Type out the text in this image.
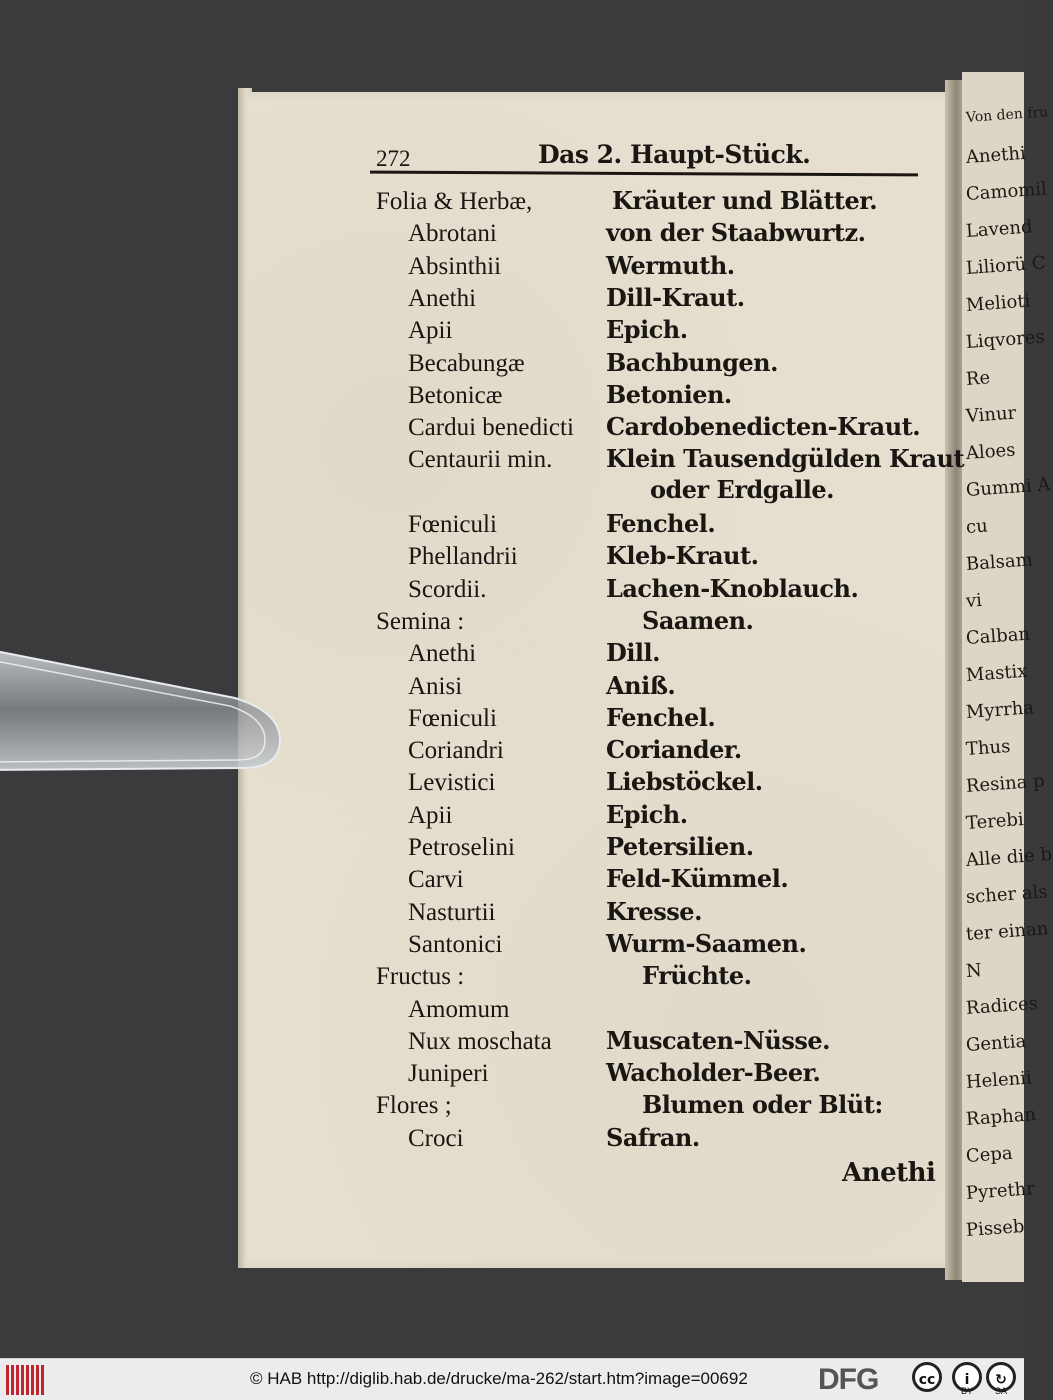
Von den fru
Anethi
Camomil
Lavend
Liliorü C
Melioti
Liqvores
Re
Vinur
Aloes
Gummi A
cu
Balsam
vi
Calban
Mastix
Myrrha
Thus
Resina p
Terebi
Alle die b
scher als
ter einan
N
Radices
Gentia
Helenii
Raphan
Cepa
Pyrethr
Pisseb
272	Das 2. Haupt-Stück.
Anethi
Folia & Herbæ,	Kräuter und Blätter.
Abrotani	von der Staabwurtz.
Absinthii	Wermuth.
Anethi	Dill-Kraut.
Apii	Epich.
Becabungæ	Bachbungen.
Betonicæ	Betonien.
Cardui benedicti Cardobenedicten-Kraut.
Centaurii min. Klein Tausendgülden Kraut
oder Erdgalle.
Fœniculi	Fenchel.
Phellandrii	Kleb-Kraut.
Scordii.	Lachen-Knoblauch.
Semina :	Saamen.
Anethi	Dill.
Anisi	Aniß.
Fœniculi	Fenchel.
Coriandri	Coriander.
Levistici	Liebstöckel.
Apii	Epich.
Petroselini	Petersilien.
Carvi	Feld-Kümmel.
Nasturtii	Kresse.
Santonici	Wurm-Saamen.
Fructus :	Früchte.
Amomum
Nux moschata Muscaten-Nüsse.
Juniperi	Wacholder-Beer.
Flores ;	Blumen oder Blüt:
Croci	Safran.
© HAB http://diglib.hab.de/drucke/ma-262/start.htm?image=00692 DFG	cc	i
BY
↻
SA
